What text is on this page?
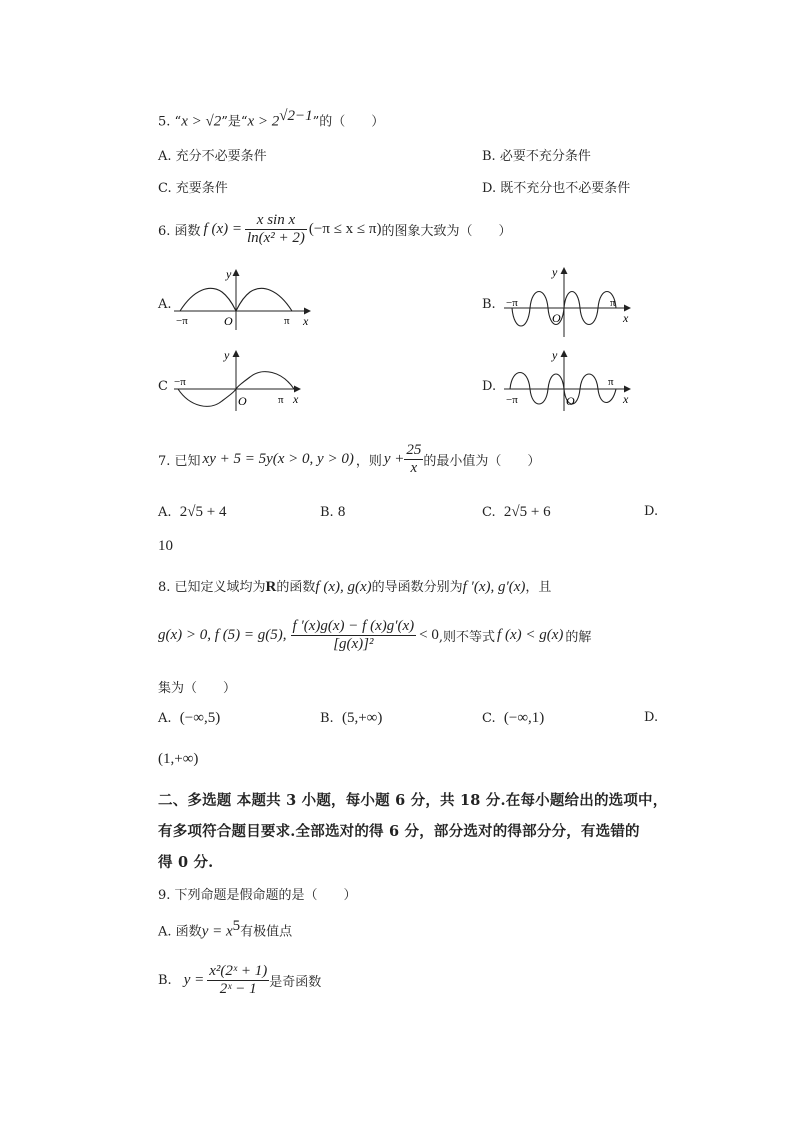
5. “x > √2”是“$x > 2^{√2-1}$”的（　　）
A. 充分不必要条件	B. 必要不充分条件
C. 充要条件	D. 既不充分也不必要条件
6. 函数 f $(x) = \frac{\text{x sin x}}{\text{ln(x² + 2)}} (-\pi \le x \le \pi)$ 的图象大致为（　　）
A.
y
x
O
−π	π
B.
y
x
O
−π	π
C
y
x
O
−π
π
D.
y
x
O
−π
π
7. 已知 xy + 5 = 5y(x > 0, y > 0) ，则 $y + \frac{25}{x}$ 的最小值为（　　）
A. 2√5 + 4	B. 8	C. 2√5 + 6	D.
10
8. 已知定义域均为R的函数f (x), g(x)的导函数分别为f ′(x), g′(x)，且
g(x) > 0, f (5) = g(5), $\frac{f '(x)g(x) - f (x)g'(x)}{\text{[g(x)]²}} < 0$ ,则不等式 f (x) < g(x) 的解
集为（　　）
A. (−∞,5)	B. (5,+∞)	C. (−∞,1)	D.
(1,+∞)
二、多选题 本题共 3 小题，每小题 6 分，共 18 分.在每小题给出的选项中，
有多项符合题目要求.全部选对的得 6 分，部分选对的得部分分，有选错的
得 0 分.
9. 下列命题是假命题的是（　　）
A. 函数$y = x^5$有极值点
B. $y = \frac{\text{x²(2ˣ + 1)}}{\text{2ˣ − 1}}$ 是奇函数
